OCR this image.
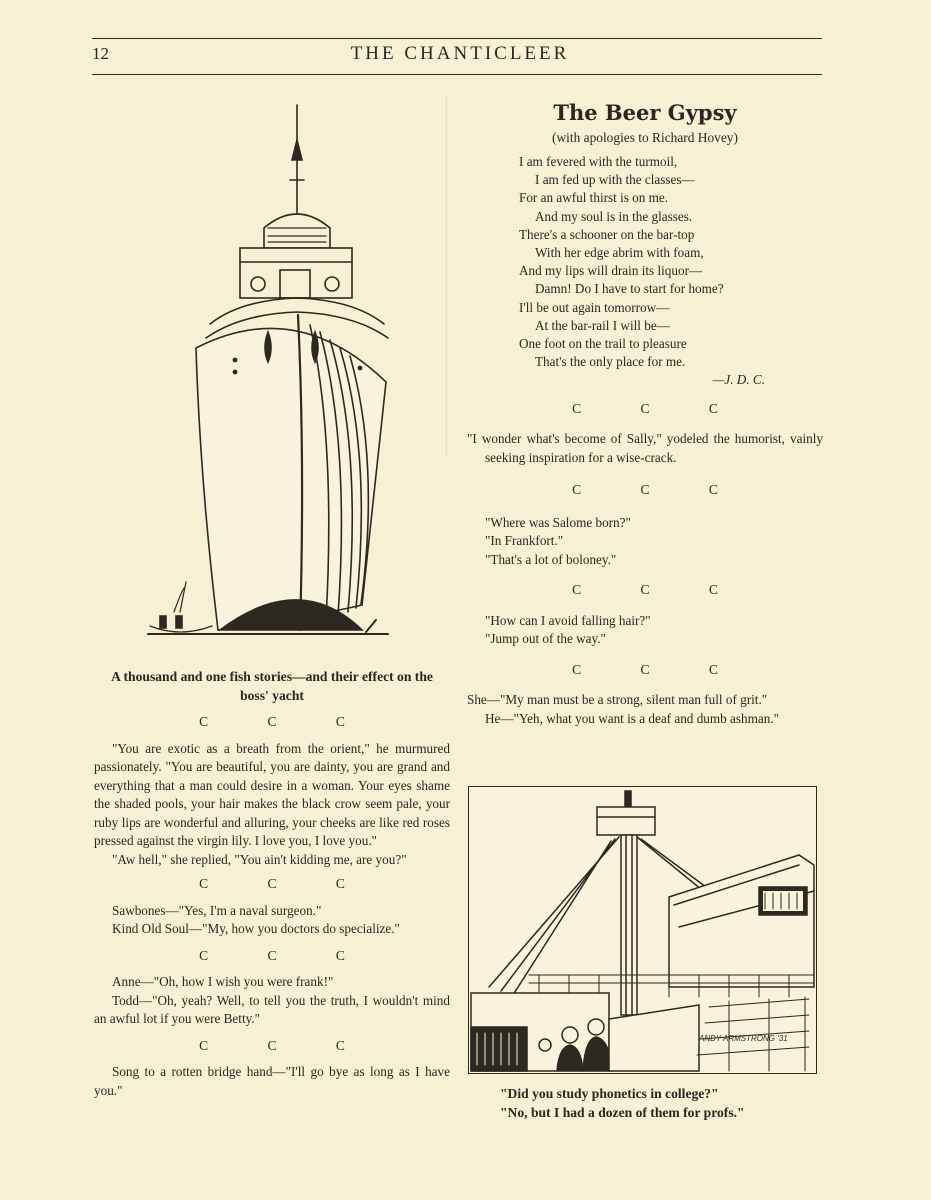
12	THE CHANTICLEER

A thousand and one fish stories—and their effect on the

boss' yacht

C C C

"You are exotic as a breath from the orient," he murmured passionately. "You are beautiful, you are dainty, you are grand and everything that a man could desire in a woman. Your eyes shame the shaded pools, your hair makes the black crow seem pale, your ruby lips are wonderful and alluring, your cheeks are like red roses pressed against the virgin lily. I love you, I love you."

"Aw hell," she replied, "You ain't kidding me, are you?"

C C C

Sawbones—"Yes, I'm a naval surgeon."

Kind Old Soul—"My, how you doctors do specialize."

C C C

Anne—"Oh, how I wish you were frank!"

Todd—"Oh, yeah? Well, to tell you the truth, I wouldn't mind an awful lot if you were Betty."

C C C

Song to a rotten bridge hand—"I'll go bye as long as I have you."

The Beer Gypsy

(with apologies to Richard Hovey)

I am fevered with the turmoil,

I am fed up with the classes—

For an awful thirst is on me.

And my soul is in the glasses.

There's a schooner on the bar-top

With her edge abrim with foam,

And my lips will drain its liquor—

Damn! Do I have to start for home?

I'll be out again tomorrow—

At the bar-rail I will be—

One foot on the trail to pleasure

That's the only place for me.

—J. D. C.

C C C

"I wonder what's become of Sally," yodeled the humorist, vainly seeking inspiration for a wise-crack.

C C C

"Where was Salome born?"

"In Frankfort."

"That's a lot of boloney."

C C C

"How can I avoid falling hair?"

"Jump out of the way."

C C C

She—"My man must be a strong, silent man full of grit."

He—"Yeh, what you want is a deaf and dumb ashman."

ANDY ARMSTRONG '31

"Did you study phonetics in college?"

"No, but I had a dozen of them for profs."
